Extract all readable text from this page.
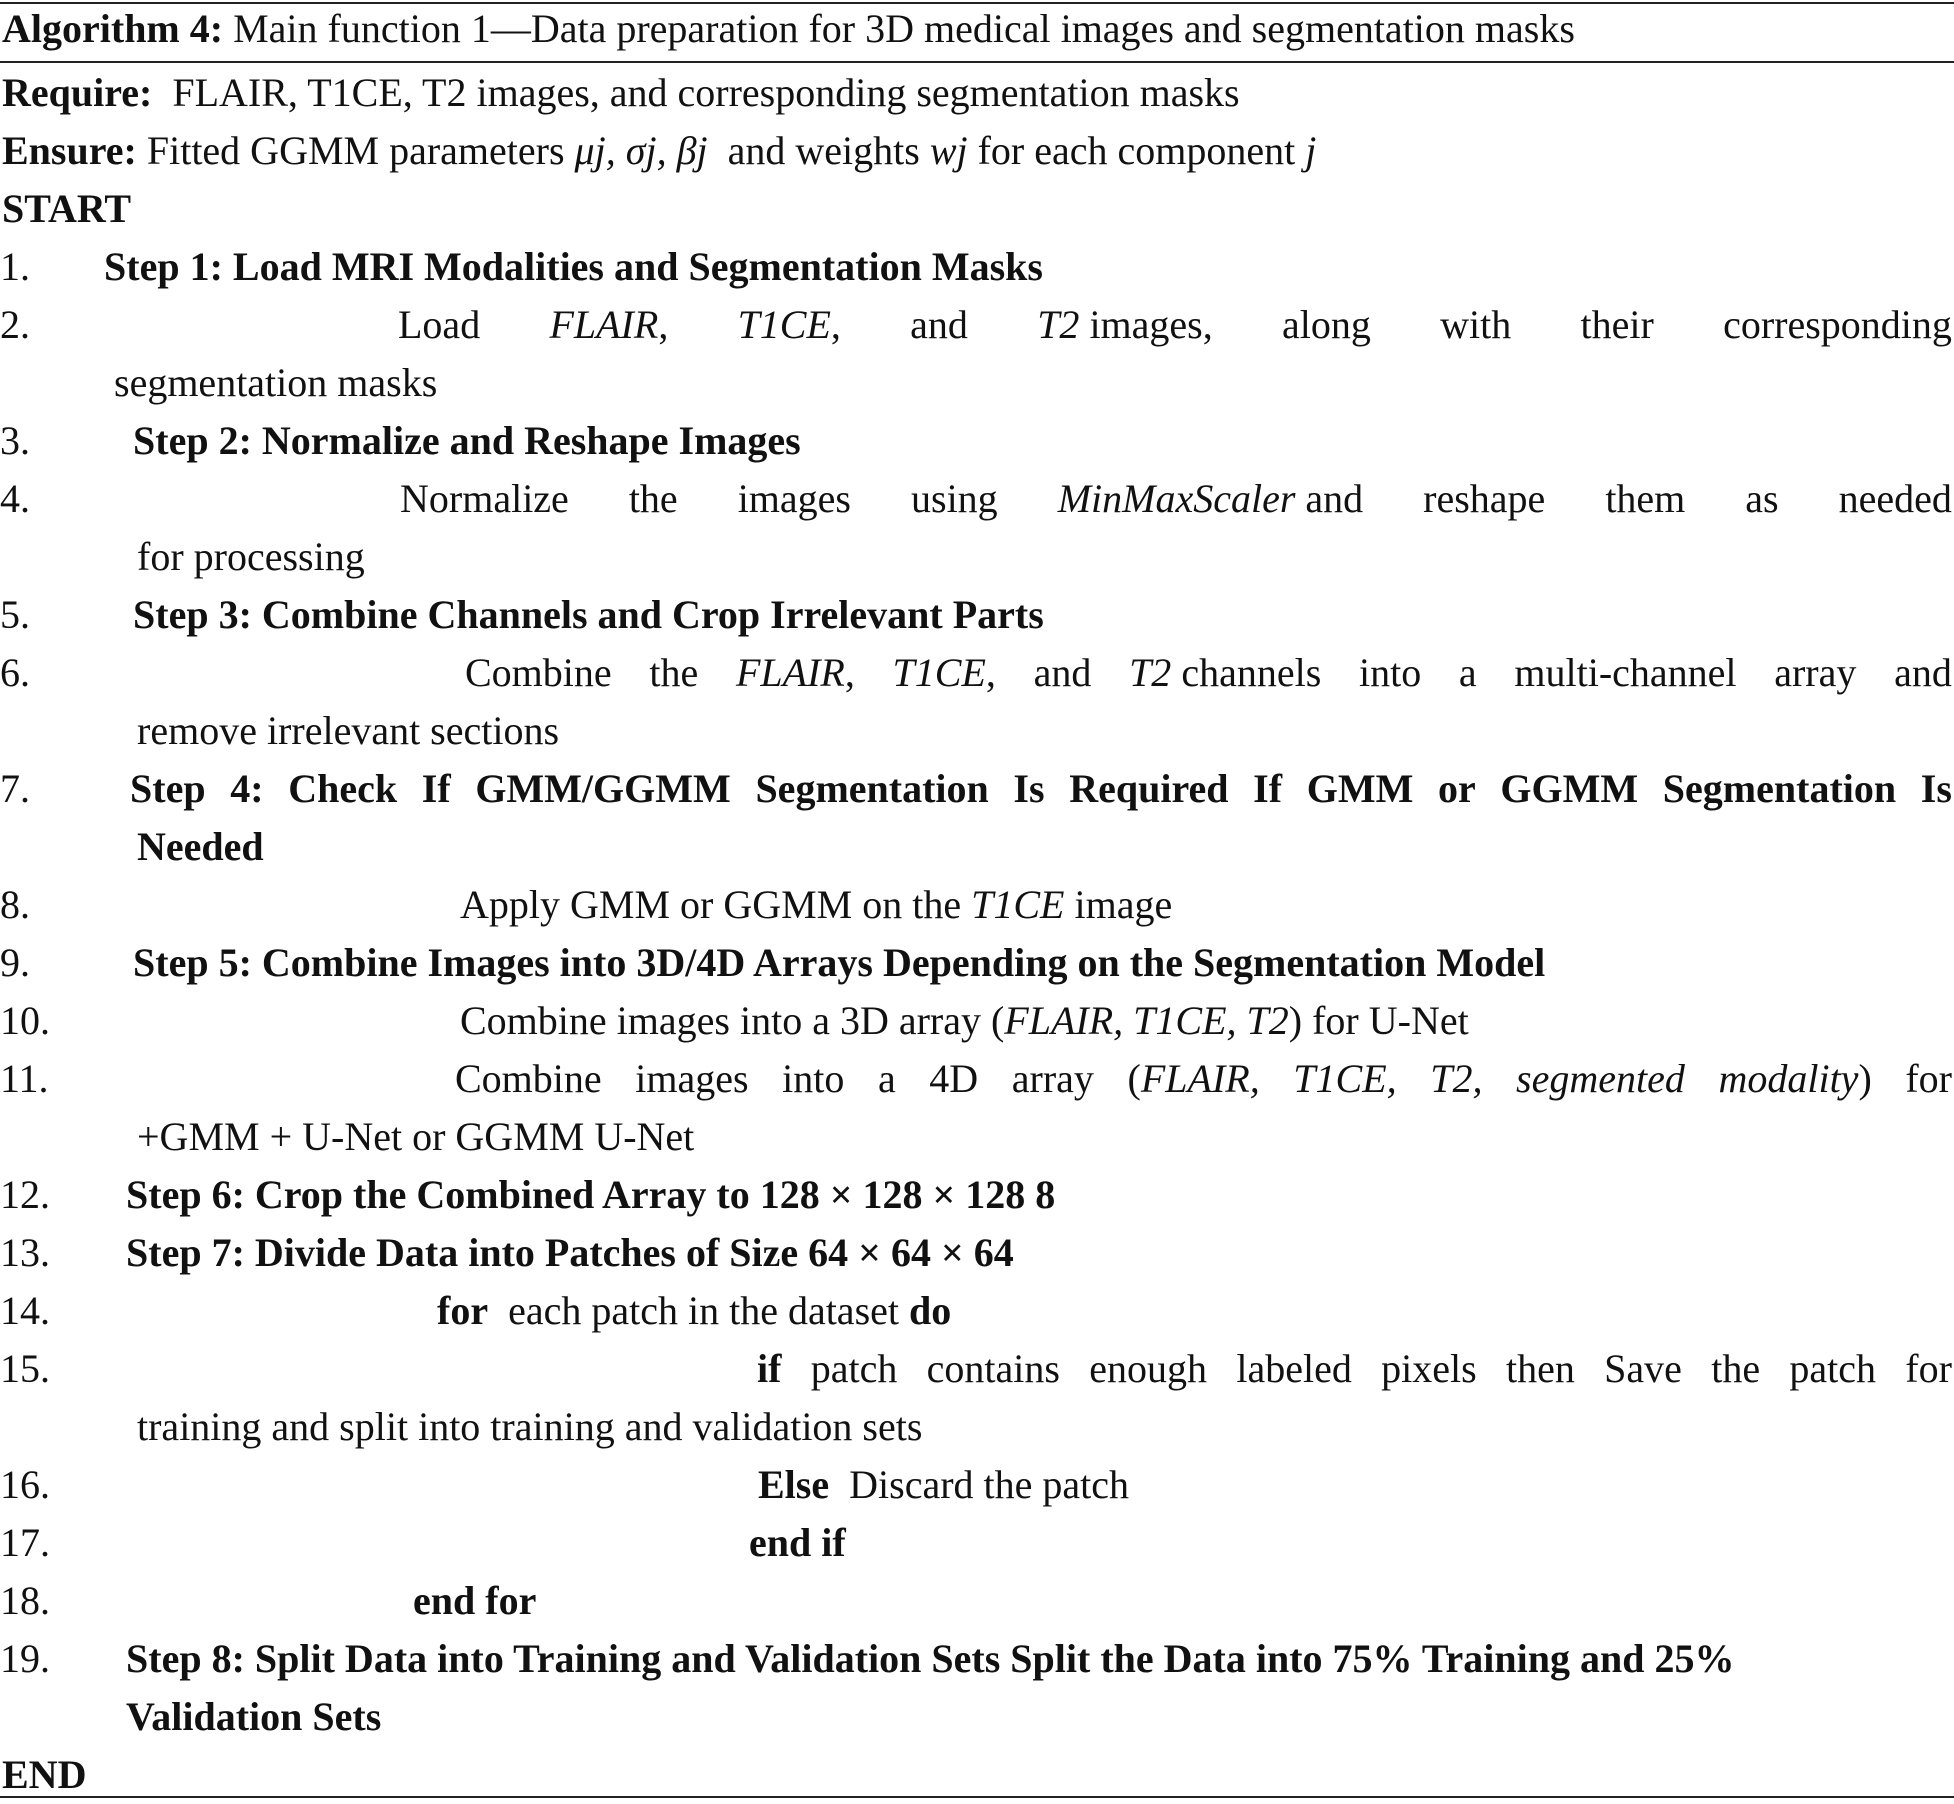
Algorithm 4: Main function 1—Data preparation for 3D medical images and segmentation masks
Require: FLAIR, T1CE, T2 images, and corresponding segmentation masks
Ensure: Fitted GGMM parameters μj, σj, βj and weights wj for each component j
START
1. Step 1: Load MRI Modalities and Segmentation Masks
2.	Load FLAIR, T1CE, and T2 images, along with their corresponding
segmentation masks
3.	Step 2: Normalize and Reshape Images
4.	Normalize the images using MinMaxScaler and reshape them as needed
for processing
5.	Step 3: Combine Channels and Crop Irrelevant Parts
6.	Combine the FLAIR, T1CE, and T2 channels into a multi-channel array and
remove irrelevant sections
7.	Step 4: Check If GMM/GGMM Segmentation Is Required If GMM or GGMM Segmentation Is
Needed
8.	Apply GMM or GGMM on the T1CE image
9.	Step 5: Combine Images into 3D/4D Arrays Depending on the Segmentation Model
10.	Combine images into a 3D array (FLAIR, T1CE, T2) for U-Net
11.	Combine images into a 4D array (FLAIR, T1CE, T2, segmented modality) for
+GMM + U-Net or GGMM U-Net
12. Step 6: Crop the Combined Array to 128 × 128 × 128 8
13. Step 7: Divide Data into Patches of Size 64 × 64 × 64
14.	for each patch in the dataset do
15.	if patch contains enough labeled pixels then Save the patch for
training and split into training and validation sets
16.	Else Discard the patch
17.	end if
18.	end for
19. Step 8: Split Data into Training and Validation Sets Split the Data into 75% Training and 25%
Validation Sets
END
